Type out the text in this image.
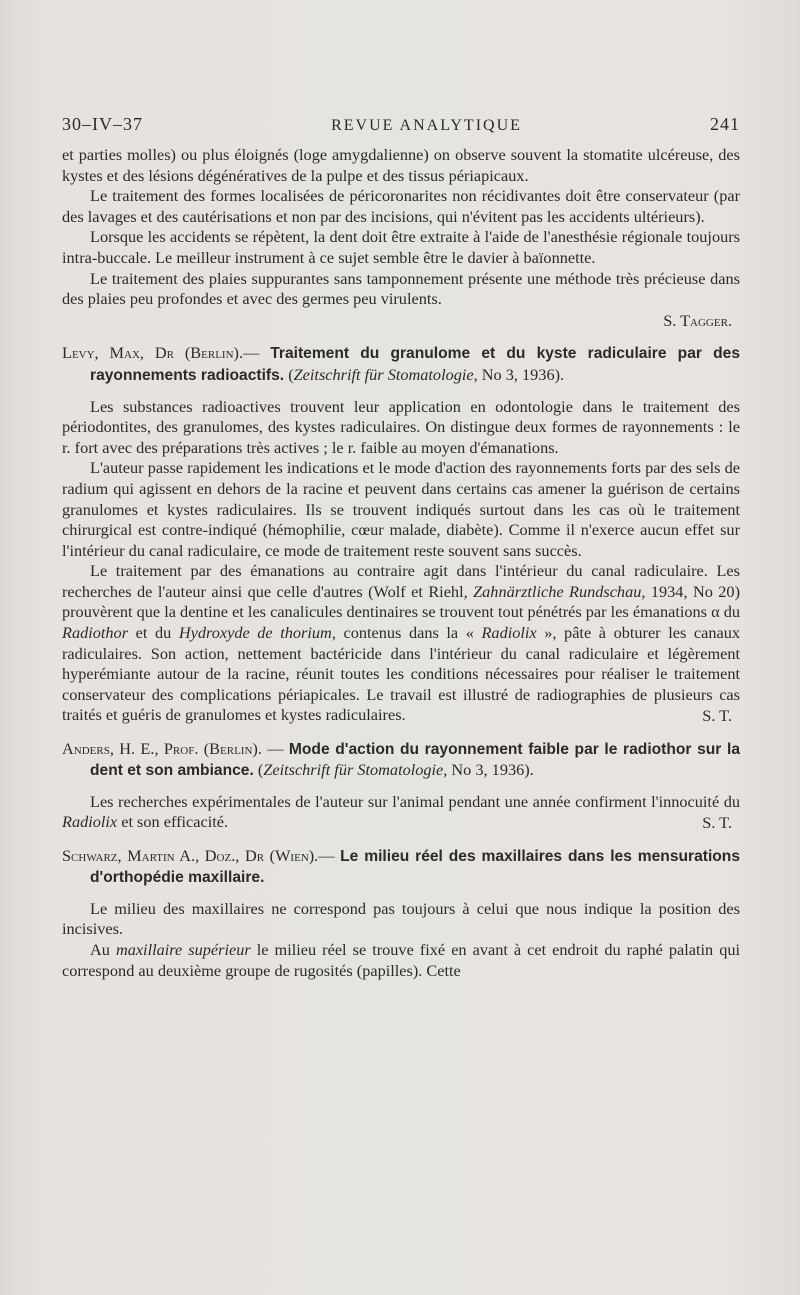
30–IV–37	REVUE ANALYTIQUE	241

et parties molles) ou plus éloignés (loge amygdalienne) on observe souvent la stomatite ulcéreuse, des kystes et des lésions dégénératives de la pulpe et des tissus périapicaux.

Le traitement des formes localisées de péricoronarites non récidivantes doit être conservateur (par des lavages et des cautérisations et non par des incisions, qui n'évitent pas les accidents ultérieurs).

Lorsque les accidents se répètent, la dent doit être extraite à l'aide de l'anesthésie régionale toujours intra-buccale. Le meilleur instrument à ce sujet semble être le davier à baïonnette.

Le traitement des plaies suppurantes sans tamponnement présente une méthode très précieuse dans des plaies peu profondes et avec des germes peu virulents.

S. Tagger.
Levy, Max, Dr (Berlin).— Traitement du granulome et du kyste radiculaire par des rayonnements radioactifs. (Zeitschrift für Stomatologie, No 3, 1936).

Les substances radioactives trouvent leur application en odontologie dans le traitement des périodontites, des granulomes, des kystes radiculaires. On distingue deux formes de rayonnements : le r. fort avec des préparations très actives ; le r. faible au moyen d'émanations.

L'auteur passe rapidement les indications et le mode d'action des rayonnements forts par des sels de radium qui agissent en dehors de la racine et peuvent dans certains cas amener la guérison de certains granulomes et kystes radiculaires. Ils se trouvent indiqués surtout dans les cas où le traitement chirurgical est contre-indiqué (hémophilie, cœur malade, diabète). Comme il n'exerce aucun effet sur l'intérieur du canal radiculaire, ce mode de traitement reste souvent sans succès.

Le traitement par des émanations au contraire agit dans l'intérieur du canal radiculaire. Les recherches de l'auteur ainsi que celle d'autres (Wolf et Riehl, Zahnärztliche Rundschau, 1934, No 20) prouvèrent que la dentine et les canalicules dentinaires se trouvent tout pénétrés par les émanations α du Radiothor et du Hydroxyde de thorium, contenus dans la « Radiolix », pâte à obturer les canaux radiculaires. Son action, nettement bactéricide dans l'intérieur du canal radiculaire et légèrement hyperémiante autour de la racine, réunit toutes les conditions nécessaires pour réaliser le traitement conservateur des complications périapicales. Le travail est illustré de radiographies de plusieurs cas traités et guéris de granulomes et kystes radiculaires.	S. T.
Anders, H. E., Prof. (Berlin). — Mode d'action du rayonnement faible par le radiothor sur la dent et son ambiance. (Zeitschrift für Stomatologie, No 3, 1936).

Les recherches expérimentales de l'auteur sur l'animal pendant une année confirment l'innocuité du Radiolix et son efficacité.	S. T.
Schwarz, Martin A., Doz., Dr (Wien).— Le milieu réel des maxillaires dans les mensurations d'orthopédie maxillaire.

Le milieu des maxillaires ne correspond pas toujours à celui que nous indique la position des incisives.

Au maxillaire supérieur le milieu réel se trouve fixé en avant à cet endroit du raphé palatin qui correspond au deuxième groupe de rugosités (papilles). Cette
